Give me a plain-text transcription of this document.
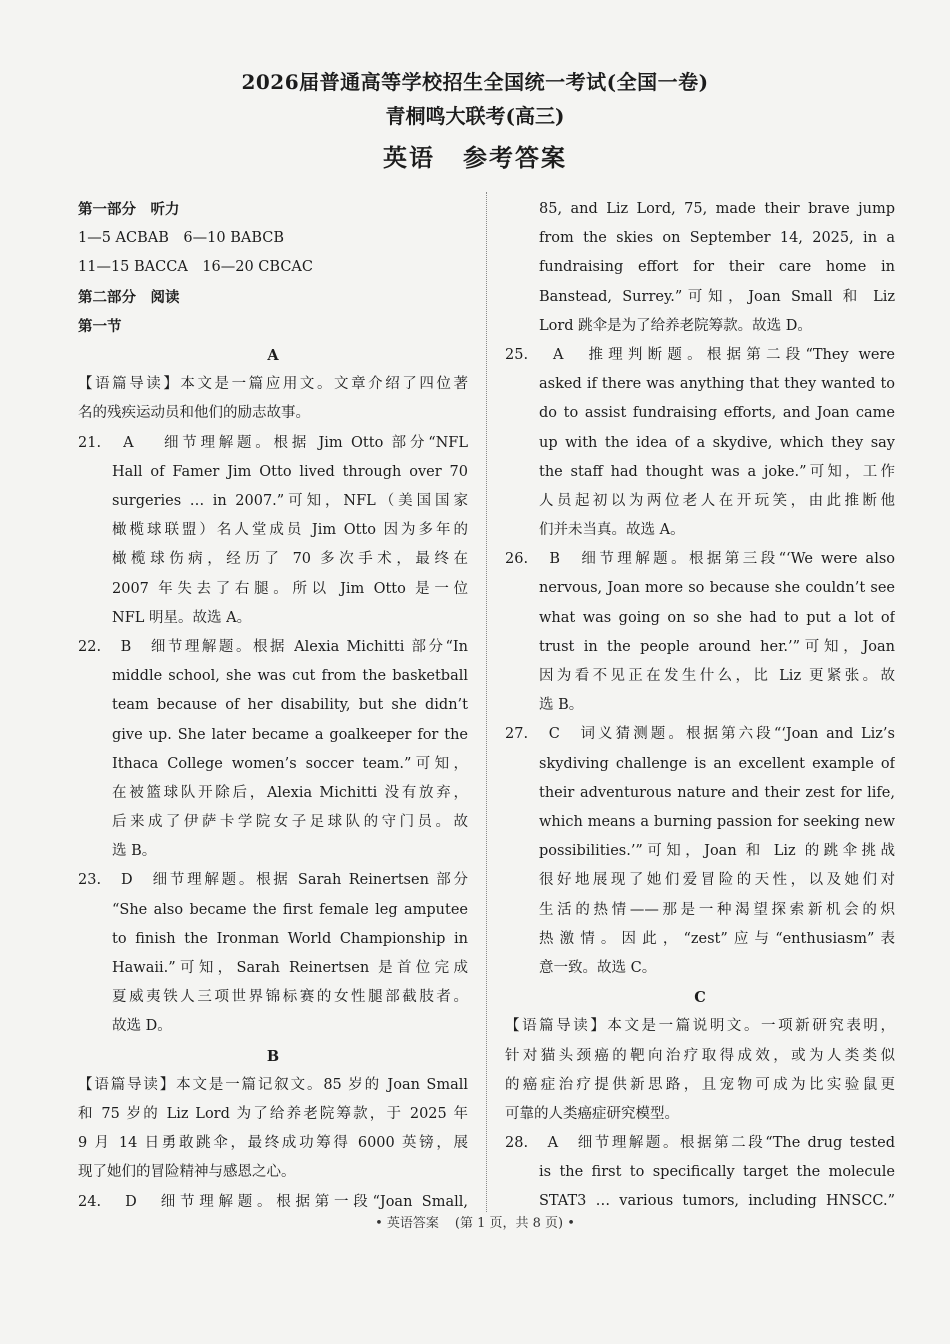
2026届普通高等学校招生全国统一考试(全国一卷)
青桐鸣大联考(高三)
英语 参考答案
第一部分　听力
1—5 ACBAB　6—10 BABCB
11—15 BACCA　16—20 CBCAC
第二部分　阅读
第一节
A
【语篇导读】本文是一篇应用文。文章介绍了四位著
名的残疾运动员和他们的励志故事。
21.　A　 细节理解题。根据 Jim Otto 部分“NFL
Hall of Famer Jim Otto lived through over 70
surgeries … in 2007.”可知，NFL（美国国家
橄榄球联盟）名人堂成员 Jim Otto 因为多年的
橄榄球伤病，经历了 70 多次手术，最终在
2007 年失去了右腿。所以 Jim Otto 是一位
NFL 明星。故选 A。
22.　B　细节理解题。根据 Alexia Michitti 部分“In
middle school, she was cut from the basketball
team because of her disability, but she didn’t
give up. She later became a goalkeeper for the
Ithaca College women’s soccer team.”可知，
在被篮球队开除后，Alexia Michitti 没有放弃，
后来成了伊萨卡学院女子足球队的守门员。故
选 B。
23.　D　细节理解题。根据 Sarah Reinertsen 部分
“She also became the first female leg amputee
to finish the Ironman World Championship in
Hawaii.”可知，Sarah Reinertsen 是首位完成
夏威夷铁人三项世界锦标赛的女性腿部截肢者。
故选 D。
B
【语篇导读】本文是一篇记叙文。85 岁的 Joan Small
和 75 岁的 Liz Lord 为了给养老院筹款，于 2025 年
9 月 14 日勇敢跳伞，最终成功筹得 6000 英镑，展
现了她们的冒险精神与感恩之心。
24.　D　细节理解题。根据第一段“Joan Small,
85, and Liz Lord, 75, made their brave jump
from the skies on September 14, 2025, in a
fundraising effort for their care home in
Banstead, Surrey.”可知，Joan Small 和 Liz
Lord 跳伞是为了给养老院筹款。故选 D。
25.　A　推理判断题。根据第二段“They were
asked if there was anything that they wanted to
do to assist fundraising efforts, and Joan came
up with the idea of a skydive, which they say
the staff had thought was a joke.”可知，工作
人员起初以为两位老人在开玩笑，由此推断他
们并未当真。故选 A。
26.　B　细节理解题。根据第三段“‘We were also
nervous, Joan more so because she couldn’t see
what was going on so she had to put a lot of
trust in the people around her.’”可知，Joan
因为看不见正在发生什么，比 Liz 更紧张。故
选 B。
27.　C　词义猜测题。根据第六段“‘Joan and Liz’s
skydiving challenge is an excellent example of
their adventurous nature and their zest for life,
which means a burning passion for seeking new
possibilities.’”可知，Joan 和 Liz 的跳伞挑战
很好地展现了她们爱冒险的天性，以及她们对
生活的热情——那是一种渴望探索新机会的炽
热激情。因此，“zest”应与“enthusiasm”表
意一致。故选 C。
C
【语篇导读】本文是一篇说明文。一项新研究表明，
针对猫头颈癌的靶向治疗取得成效，或为人类类似
的癌症治疗提供新思路，且宠物可成为比实验鼠更
可靠的人类癌症研究模型。
28.　A　细节理解题。根据第二段“The drug tested
is the first to specifically target the molecule
STAT3 … various tumors, including HNSCC.”
• 英语答案 (第 1 页，共 8 页) •
